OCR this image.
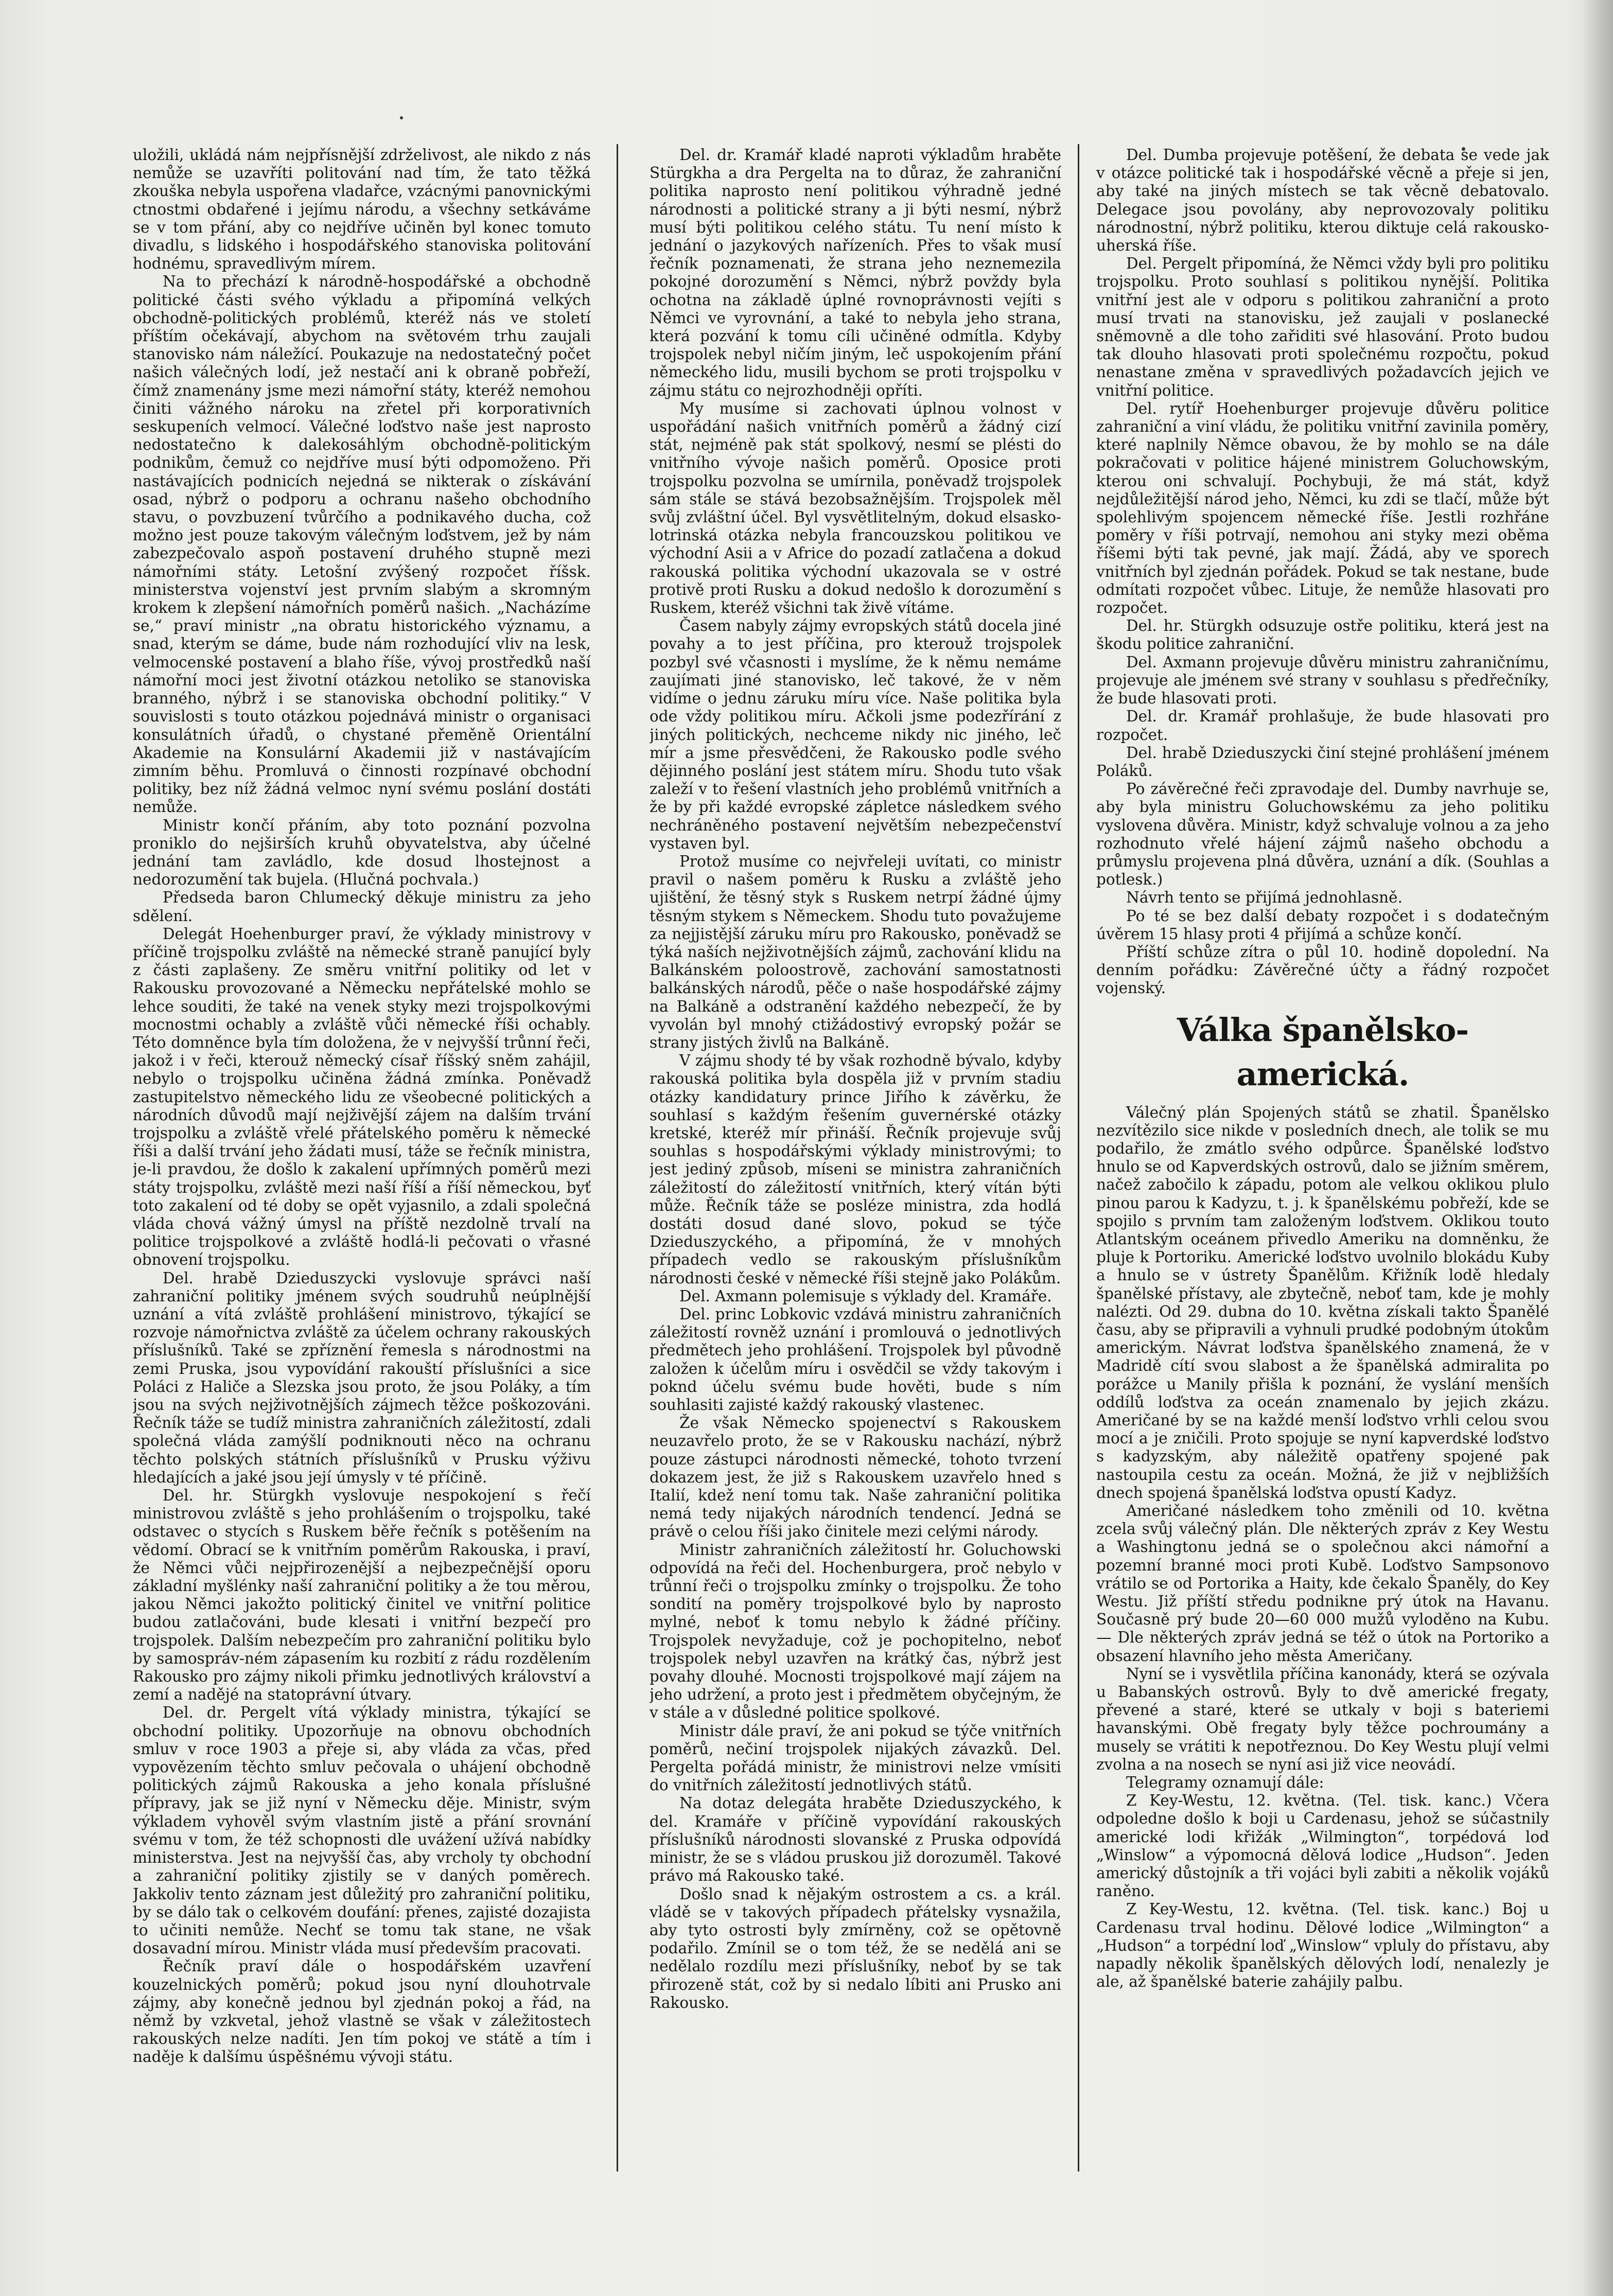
uložili, ukládá nám nejpřísnější zdrželivost, ale nikdo z nás nemůže se uzavříti politování nad tím, že tato těžká zkouška nebyla uspořena vladařce, vzácnými panovnickými ctnostmi obdařené i jejímu národu, a všechny setkáváme se v tom přání, aby co nejdříve učiněn byl konec tomuto divadlu, s lidského i hospodářského stanoviska politování hodnému, spravedlivým mírem.

Na to přechází k národně-hospodářské a obchodně politické části svého výkladu a připomíná velkých obchodně-politických problémů, kteréž nás ve století příštím očekávají, abychom na světovém trhu zaujali stanovisko nám náležící. Poukazuje na nedostatečný počet našich válečných lodí, jež nestačí ani k obraně pobřeží, čímž znamenány jsme mezi námořní státy, kteréž nemohou činiti vážného nároku na zřetel při korporativních seskupeních velmocí. Válečné loďstvo naše jest naprosto nedostatečno k dalekosáhlým obchodně-politickým podnikům, čemuž co nejdříve musí býti odpomoženo. Při nastávajících podnicích nejedná se nikterak o získávání osad, nýbrž o podporu a ochranu našeho obchodního stavu, o povzbuzení tvůrčího a podnikavého ducha, což možno jest pouze takovým válečným loďstvem, jež by nám zabezpečovalo aspoň postavení druhého stupně mezi námořními státy. Letošní zvýšený rozpočet říšsk. ministerstva vojenství jest prvním slabým a skromným krokem k zlepšení námořních poměrů našich. „Nacházíme se,“ praví ministr „na obratu historického významu, a snad, kterým se dáme, bude nám rozhodující vliv na lesk, velmocenské postavení a blaho říše, vývoj prostředků naší námořní moci jest životní otázkou netoliko se stanoviska branného, nýbrž i se stanoviska obchodní politiky.“ V souvislosti s touto otázkou pojednává ministr o organisaci konsulátních úřadů, o chystané přeměně Orientální Akademie na Konsulární Akademii již v nastávajícím zimním běhu. Promluvá o činnosti rozpínavé obchodní politiky, bez níž žádná velmoc nyní svému poslání dostáti nemůže.

Ministr končí přáním, aby toto poznání pozvolna proniklo do nejširších kruhů obyvatelstva, aby účelné jednání tam zavládlo, kde dosud lhostejnost a nedorozumění tak bujela. (Hlučná pochvala.)

Předseda baron Chlumecký děkuje ministru za jeho sdělení.

Delegát Hoehenburger praví, že výklady ministrovy v příčině trojspolku zvláště na německé straně panující byly z části zaplašeny. Ze směru vnitřní politiky od let v Rakousku provozované a Německu nepřátelské mohlo se lehce souditi, že také na venek styky mezi trojspolkovými mocnostmi ochably a zvláště vůči německé říši ochably. Této domněnce byla tím doložena, že v nejvyšší trůnní řeči, jakož i v řeči, kterouž německý císař říšský sněm zahájil, nebylo o trojspolku učiněna žádná zmínka. Poněvadž zastupitelstvo německého lidu ze všeobecné politických a národních důvodů mají nejživější zájem na dalším trvání trojspolku a zvláště vřelé přátelského poměru k německé říši a další trvání jeho žádati musí, táže se řečník ministra, je-li pravdou, že došlo k zakalení upřímných poměrů mezi státy trojspolku, zvláště mezi naší říší a říší německou, byť toto zakalení od té doby se opět vyjasnilo, a zdali společná vláda chová vážný úmysl na příště nezdolně trvalí na politice trojspolkové a zvláště hodlá-li pečovati o vřasné obnovení trojspolku.

Del. hrabě Dzieduszycki vyslovuje správci naší zahraniční politiky jménem svých soudruhů neúplnější uznání a vítá zvláště prohlášení ministrovo, týkající se rozvoje námořnictva zvláště za účelem ochrany rakouských příslušníků. Také se zpříznění řemesla s národnostmi na zemi Pruska, jsou vypovídání rakouští příslušníci a sice Poláci z Haliče a Slezska jsou proto, že jsou Poláky, a tím jsou na svých nejživotnějších zájmech těžce poškozováni. Řečník táže se tudíž ministra zahraničních záležitostí, zdali společná vláda zamýšlí podniknouti něco na ochranu těchto polských státních příslušníků v Prusku výživu hledajících a jaké jsou její úmysly v té příčině.

Del. hr. Stürgkh vyslovuje nespokojení s řečí ministrovou zvláště s jeho prohlášením o trojspolku, také odstavec o stycích s Ruskem běře řečník s potěšením na vědomí. Obrací se k vnitřním poměrům Rakouska, i praví, že Němci vůči nejpřirozenější a nejbezpečnější oporu základní myšlénky naší zahraniční politiky a že tou měrou, jakou Němci jakožto politický činitel ve vnitřní politice budou zatlačováni, bude klesati i vnitřní bezpečí pro trojspolek. Dalším nebezpečím pro zahraniční politiku bylo by samospráv-ném zápasením ku rozbití z rádu rozdělením Rakousko pro zájmy nikoli přimku jednotlivých království a zemí a nadějé na statoprávní útvary.

Del. dr. Pergelt vítá výklady ministra, týkající se obchodní politiky. Upozorňuje na obnovu obchodních smluv v roce 1903 a přeje si, aby vláda za včas, před vypovězením těchto smluv pečovala o uhájení obchodně politických zájmů Rakouska a jeho konala příslušné přípravy, jak se již nyní v Německu děje. Ministr, svým výkladem vyhověl svým vlastním jistě a přání srovnání svému v tom, že též schopnosti dle uvážení užívá nabídky ministerstva. Jest na nejvyšší čas, aby vrcholy ty obchodní a zahraniční politiky zjistily se v daných poměrech. Jakkoliv tento záznam jest důležitý pro zahraniční politiku, by se dálo tak o celkovém doufání: přenes, zajisté dozajista to učiniti nemůže. Nechť se tomu tak stane, ne však dosavadní mírou. Ministr vláda musí především pracovati.

Řečník praví dále o hospodářském uzavření kouzelnických poměrů; pokud jsou nyní dlouhotrvale zájmy, aby konečně jednou byl zjednán pokoj a řád, na němž by vzkvetal, jehož vlastně se však v záležitostech rakouských nelze nadíti. Jen tím pokoj ve státě a tím i naděje k dalšímu úspěšnému vývoji státu.

Del. dr. Kramář kladé naproti výkladům hraběte Stürgkha a dra Pergelta na to důraz, že zahraniční politika naprosto není politikou výhradně jedné národnosti a politické strany a ji býti nesmí, nýbrž musí býti politikou celého státu. Tu není místo k jednání o jazykových nařízeních. Přes to však musí řečník poznamenati, že strana jeho neznemezila pokojné dorozumění s Němci, nýbrž povždy byla ochotna na základě úplné rovnoprávnosti vejíti s Němci ve vyrovnání, a také to nebyla jeho strana, která pozvání k tomu cíli učiněné odmítla. Kdyby trojspolek nebyl ničím jiným, leč uspokojením přání německého lidu, musili bychom se proti trojspolku v zájmu státu co nejrozhodněji opříti.

My musíme si zachovati úplnou volnost v uspořádání našich vnitřních poměrů a žádný cizí stát, nejméně pak stát spolkový, nesmí se plésti do vnitřního vývoje našich poměrů. Oposice proti trojspolku pozvolna se umírnila, poněvadž trojspolek sám stále se stává bezobsažnějším. Trojspolek měl svůj zvláštní účel. Byl vysvětlitelným, dokud elsasko-lotrinská otázka nebyla francouzskou politikou ve východní Asii a v Africe do pozadí zatlačena a dokud rakouská politika východní ukazovala se v ostré protivě proti Rusku a dokud nedošlo k dorozumění s Ruskem, kteréž všichni tak živě vítáme.

Časem nabyly zájmy evropských států docela jiné povahy a to jest příčina, pro kterouž trojspolek pozbyl své včasnosti i myslíme, že k němu nemáme zaujímati jiné stanovisko, leč takové, že v něm vidíme o jednu záruku míru více. Naše politika byla ode vždy politikou míru. Ačkoli jsme podezřírání z jiných politických, nechceme nikdy nic jiného, leč mír a jsme přesvědčeni, že Rakousko podle svého dějinného poslání jest státem míru. Shodu tuto však zaleží v to řešení vlastních jeho problémů vnitřních a že by při každé evropské zápletce následkem svého nechráněného postavení největším nebezpečenství vystaven byl.

Protož musíme co nejvřeleji uvítati, co ministr pravil o našem poměru k Rusku a zvláště jeho ujištění, že těsný styk s Ruskem netrpí žádné újmy těsným stykem s Německem. Shodu tuto považujeme za nejjistější záruku míru pro Rakousko, poněvadž se týká naších nejživotnějších zájmů, zachování klidu na Balkánském poloostrově, zachování samostatnosti balkánských národů, pěče o naše hospodářské zájmy na Balkáně a odstranění každého nebezpečí, že by vyvolán byl mnohý ctižádostivý evropský požár se strany jistých živlů na Balkáně.

V zájmu shody té by však rozhodně bývalo, kdyby rakouská politika byla dospěla již v prvním stadiu otázky kandidatury prince Jiřího k závěrku, že souhlasí s každým řešením guvernérské otázky kretské, kteréž mír přináší. Řečník projevuje svůj souhlas s hospodářskými výklady ministrovými; to jest jediný způsob, míseni se ministra zahraničních záležitostí do záležitostí vnitřních, který vítán býti může. Řečník táže se posléze ministra, zda hodlá dostáti dosud dané slovo, pokud se týče Dzieduszyckého, a připomíná, že v mnohých případech vedlo se rakouským příslušníkům národnosti české v německé říši stejně jako Polákům.

Del. Axmann polemisuje s výklady del. Kramáře.

Del. princ Lobkovic vzdává ministru zahraničních záležitostí rovněž uznání i promlouvá o jednotlivých předmětech jeho prohlášení. Trojspolek byl původně založen k účelům míru i osvědčil se vždy takovým i poknd účelu svému bude hověti, bude s ním souhlasiti zajisté každý rakouský vlastenec.

Že však Německo spojenectví s Rakouskem neuzavřelo proto, že se v Rakousku nachází, nýbrž pouze zástupci národnosti německé, tohoto tvrzení dokazem jest, že již s Rakouskem uzavřelo hned s Italií, kdež není tomu tak. Naše zahraniční politika nemá tedy nijakých národních tendencí. Jedná se právě o celou říši jako činitele mezi celými národy.

Ministr zahraničních záležitostí hr. Goluchowski odpovídá na řeči del. Hochenburgera, proč nebylo v trůnní řeči o trojspolku zmínky o trojspolku. Že toho sondití na poměry trojspolkové bylo by naprosto mylné, neboť k tomu nebylo k žádné příčiny. Trojspolek nevyžaduje, což je pochopitelno, neboť trojspolek nebyl uzavřen na krátký čas, nýbrž jest povahy dlouhé. Mocnosti trojspolkové mají zájem na jeho udržení, a proto jest i předmětem obyčejným, že v stále a v důsledné politice spolkové.

Ministr dále praví, že ani pokud se týče vnitřních poměrů, nečiní trojspolek nijakých závazků. Del. Pergelta pořádá ministr, že ministrovi nelze vmísiti do vnitřních záležitostí jednotlivých států.

Na dotaz delegáta hraběte Dzieduszyckého, k del. Kramáře v příčině vypovídání rakouských příslušníků národnosti slovanské z Pruska odpovídá ministr, že se s vládou pruskou již dorozuměl. Takové právo má Rakousko také.

Došlo snad k nějakým ostrostem a cs. a král. vládě se v takových případech přátelsky vysnažila, aby tyto ostrosti byly zmírněny, což se opětovně podařilo. Zmínil se o tom též, že se nedělá ani se nedělalo rozdílu mezi příslušníky, neboť by se tak přirozeně stát, což by si nedalo líbiti ani Prusko ani Rakousko.

Del. Dumba projevuje potěšení, že debata se vede jak v otázce politické tak i hospodářské věcně a přeje si jen, aby také na jiných místech se tak věcně debatovalo. Delegace jsou povolány, aby neprovozovaly politiku národnostní, nýbrž politiku, kterou diktuje celá rakousko-uherská říše.

Del. Pergelt připomíná, že Němci vždy byli pro politiku trojspolku. Proto souhlasí s politikou nynější. Politika vnitřní jest ale v odporu s politikou zahraniční a proto musí trvati na stanovisku, jež zaujali v poslanecké sněmovně a dle toho zařiditi své hlasování. Proto budou tak dlouho hlasovati proti společnému rozpočtu, pokud nenastane změna v spravedlivých požadavcích jejich ve vnitřní politice.

Del. rytíř Hoehenburger projevuje důvěru politice zahraniční a viní vládu, že politiku vnitřní zavinila poměry, které naplnily Němce obavou, že by mohlo se na dále pokračovati v politice hájené ministrem Goluchowským, kterou oni schvalují. Pochybuji, že má stát, když nejdůležitější národ jeho, Němci, ku zdi se tlačí, může být spolehlivým spojencem německé říše. Jestli rozhřáne poměry v říši potrvají, nemohou ani styky mezi oběma říšemi býti tak pevné, jak mají. Žádá, aby ve sporech vnitřních byl zjednán pořádek. Pokud se tak nestane, bude odmítati rozpočet vůbec. Lituje, že nemůže hlasovati pro rozpočet.

Del. hr. Stürgkh odsuzuje ostře politiku, která jest na škodu politice zahraniční.

Del. Axmann projevuje důvěru ministru zahraničnímu, projevuje ale jménem své strany v souhlasu s předřečníky, že bude hlasovati proti.

Del. dr. Kramář prohlašuje, že bude hlasovati pro rozpočet.

Del. hrabě Dzieduszycki činí stejné prohlášení jménem Poláků.

Po závěrečné řeči zpravodaje del. Dumby navrhuje se, aby byla ministru Goluchowskému za jeho politiku vyslovena důvěra. Ministr, když schvaluje volnou a za jeho rozhodnuto vřelé hájení zájmů našeho obchodu a průmyslu projevena plná důvěra, uznání a dík. (Souhlas a potlesk.)

Návrh tento se přijímá jednohlasně.

Po té se bez další debaty rozpočet i s dodatečným úvěrem 15 hlasy proti 4 přijímá a schůze končí.

Příští schůze zítra o půl 10. hodině dopolední. Na denním pořádku: Závěrečné účty a řádný rozpočet vojenský.

Válka španělsko-americká.

Válečný plán Spojených států se zhatil. Španělsko nezvítězilo sice nikde v posledních dnech, ale tolik se mu podařilo, že zmátlo svého odpůrce. Španělské loďstvo hnulo se od Kapverdských ostrovů, dalo se jižním směrem, načež zabočilo k západu, potom ale velkou oklikou plulo pinou parou k Kadyzu, t. j. k španělskému pobřeží, kde se spojilo s prvním tam založeným loďstvem. Oklikou touto Atlantským oceánem přivedlo Ameriku na domněnku, že pluje k Portoriku. Americké loďstvo uvolnilo blokádu Kuby a hnulo se v ústrety Španělům. Křižník lodě hledaly španělské přístavy, ale zbytečně, neboť tam, kde je mohly nalézti. Od 29. dubna do 10. května získali takto Španělé času, aby se připravili a vyhnuli prudké podobným útokům americkým. Návrat loďstva španělského znamená, že v Madridě cítí svou slabost a že španělská admiralita po porážce u Manily přišla k poznání, že vyslání menších oddílů loďstva za oceán znamenalo by jejich zkázu. Američané by se na každé menší loďstvo vrhli celou svou mocí a je zničili. Proto spojuje se nyní kapverdské loďstvo s kadyzským, aby náležitě opatřeny spojené pak nastoupila cestu za oceán. Možná, že již v nejbližších dnech spojená španělská loďstva opustí Kadyz.

Američané následkem toho změnili od 10. května zcela svůj válečný plán. Dle některých zpráv z Key Westu a Washingtonu jedná se o společnou akci námořní a pozemní branné moci proti Kubě. Loďstvo Sampsonovo vrátilo se od Portorika a Haity, kde čekalo Španěly, do Key Westu. Již příští středu podnikne prý útok na Havanu. Současně prý bude 20—60 000 mužů vyloděno na Kubu. — Dle některých zpráv jedná se též o útok na Portoriko a obsazení hlavního jeho města Američany.

Nyní se i vysvětlila příčina kanonády, která se ozývala u Babanských ostrovů. Byly to dvě americké fregaty, převené a staré, které se utkaly v boji s bateriemi havanskými. Obě fregaty byly těžce pochroumány a musely se vrátiti k nepotřeznou. Do Key Westu plují velmi zvolna a na nosech se nyní asi již vice neovádí.

Telegramy oznamují dále:

Z Key-Westu, 12. května. (Tel. tisk. kanc.) Včera odpoledne došlo k boji u Cardenasu, jehož se súčastnily americké lodi křižák „Wilmington“, torpédová loď „Winslow“ a výpomocná dělová lodice „Hudson“. Jeden americký důstojník a tři vojáci byli zabiti a několik vojáků raněno.

Z Key-Westu, 12. května. (Tel. tisk. kanc.) Boj u Cardenasu trval hodinu. Dělové lodice „Wilmington“ a „Hudson“ a torpédní loď „Winslow“ vpluly do přístavu, aby napadly několik španělských dělových lodí, nenalezly je ale, až španělské baterie zahájily palbu.
